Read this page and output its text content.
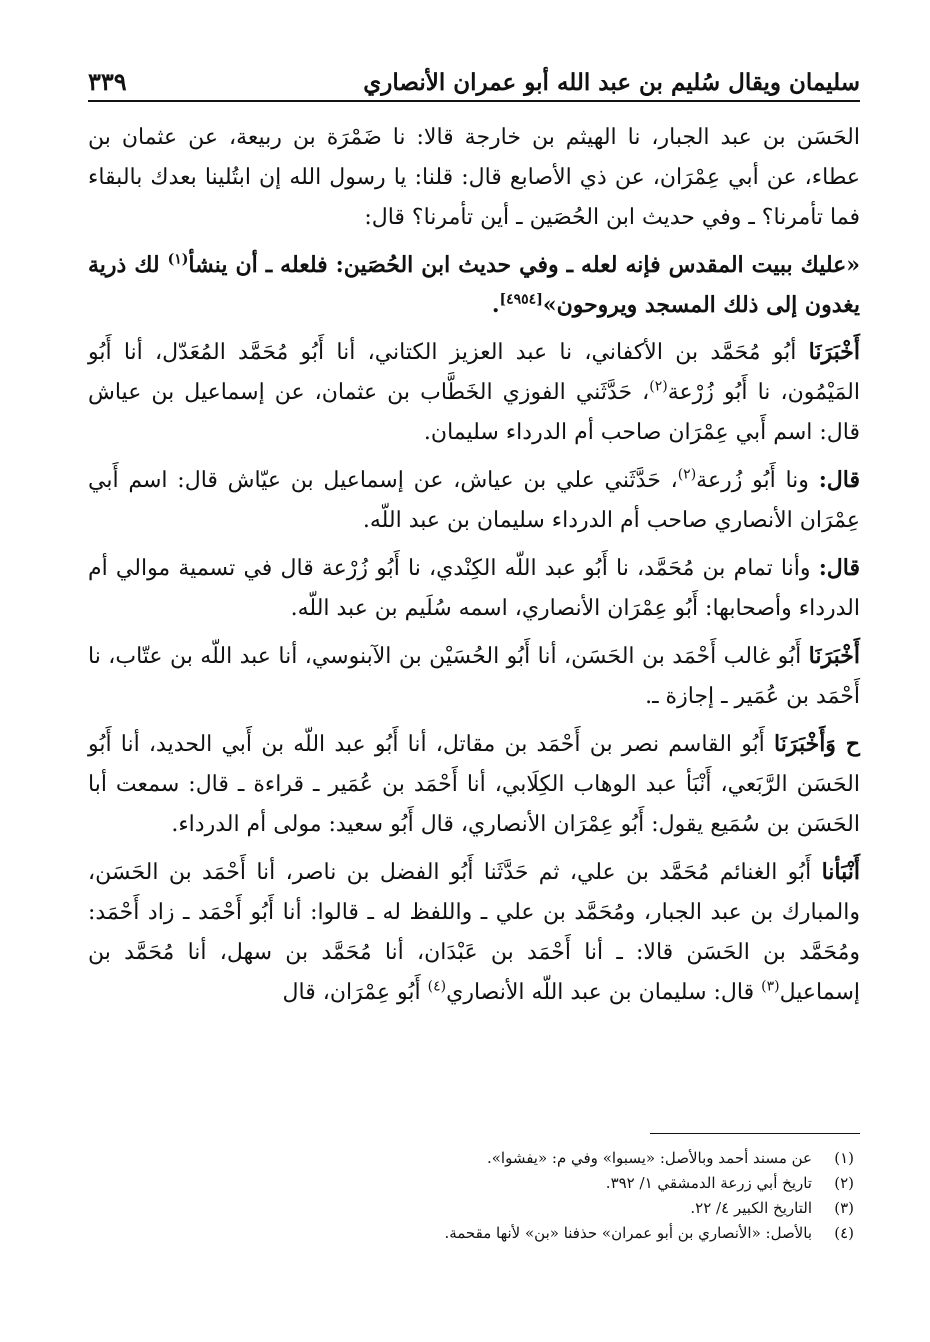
سليمان ويقال سُليم بن عبد الله أبو عمران الأنصاري
٣٣٩

الحَسَن بن عبد الجبار، نا الهيثم بن خارجة قالا: نا ضَمْرَة بن ربيعة، عن عثمان بن عطاء، عن أبي عِمْرَان، عن ذي الأصابع قال: قلنا: يا رسول الله إن ابتُلينا بعدك بالبقاء فما تأمرنا؟ ـ وفي حديث ابن الحُصَين ـ أين تأمرنا؟ قال:

«عليك ببيت المقدس فإنه لعله ـ وفي حديث ابن الحُصَين: فلعله ـ أن ينشأ$^{(١)}$ لك ذرية يغدون إلى ذلك المسجد ويروحون»[٤٩٥٤].

أَخْبَرَنَا أبُو مُحَمَّد بن الأكفاني، نا عبد العزيز الكتاني، أنا أَبُو مُحَمَّد المُعَدّل، أنا أَبُو المَيْمُون، نا أَبُو زُرْعة$^{(٢)}$، حَدَّثَني الفوزي الخَطَّاب بن عثمان، عن إسماعيل بن عياش قال: اسم أَبي عِمْرَان صاحب أم الدرداء سليمان.

قال: ونا أَبُو زُرعة$^{(٢)}$، حَدَّثَني علي بن عياش، عن إسماعيل بن عيّاش قال: اسم أَبي عِمْرَان الأنصاري صاحب أم الدرداء سليمان بن عبد اللّه.

قال: وأنا تمام بن مُحَمَّد، نا أَبُو عبد اللّه الكِنْدي، نا أَبُو زُرْعة قال في تسمية موالي أم الدرداء وأصحابها: أَبُو عِمْرَان الأنصاري، اسمه سُلَيم بن عبد اللّه.

أَخْبَرَنَا أَبُو غالب أَحْمَد بن الحَسَن، أنا أَبُو الحُسَيْن بن الآبنوسي، أنا عبد اللّه بن عتّاب، نا أَحْمَد بن عُمَير ـ إجازة ـ.

ح وَأَخْبَرَنَا أَبُو القاسم نصر بن أَحْمَد بن مقاتل، أنا أَبُو عبد اللّه بن أَبي الحديد، أنا أَبُو الحَسَن الرَّبَعي، أَنْبَأ عبد الوهاب الكِلَابي، أنا أَحْمَد بن عُمَير ـ قراءة ـ قال: سمعت أبا الحَسَن بن سُمَيع يقول: أَبُو عِمْرَان الأنصاري، قال أَبُو سعيد: مولى أم الدرداء.

أَنْبَأنا أَبُو الغنائم مُحَمَّد بن علي، ثم حَدَّثَنا أَبُو الفضل بن ناصر، أنا أَحْمَد بن الحَسَن، والمبارك بن عبد الجبار، ومُحَمَّد بن علي ـ واللفظ له ـ قالوا: أنا أَبُو أَحْمَد ـ زاد أَحْمَد: ومُحَمَّد بن الحَسَن قالا: ـ أنا أَحْمَد بن عَبْدَان، أنا مُحَمَّد بن سهل، أنا مُحَمَّد بن إسماعيل$^{(٣)}$ قال: سليمان بن عبد اللّه الأنصاري$^{(٤)}$ أَبُو عِمْرَان، قال

(١)
عن مسند أحمد وبالأصل: «يسبوا» وفي م: «يفشوا».
(٢)
تاريخ أبي زرعة الدمشقي ١/ ٣٩٢.
(٣)
التاريخ الكبير ٤/ ٢٢.
(٤)
بالأصل: «الأنصاري بن أبو عمران» حذفنا «بن» لأنها مقحمة.
